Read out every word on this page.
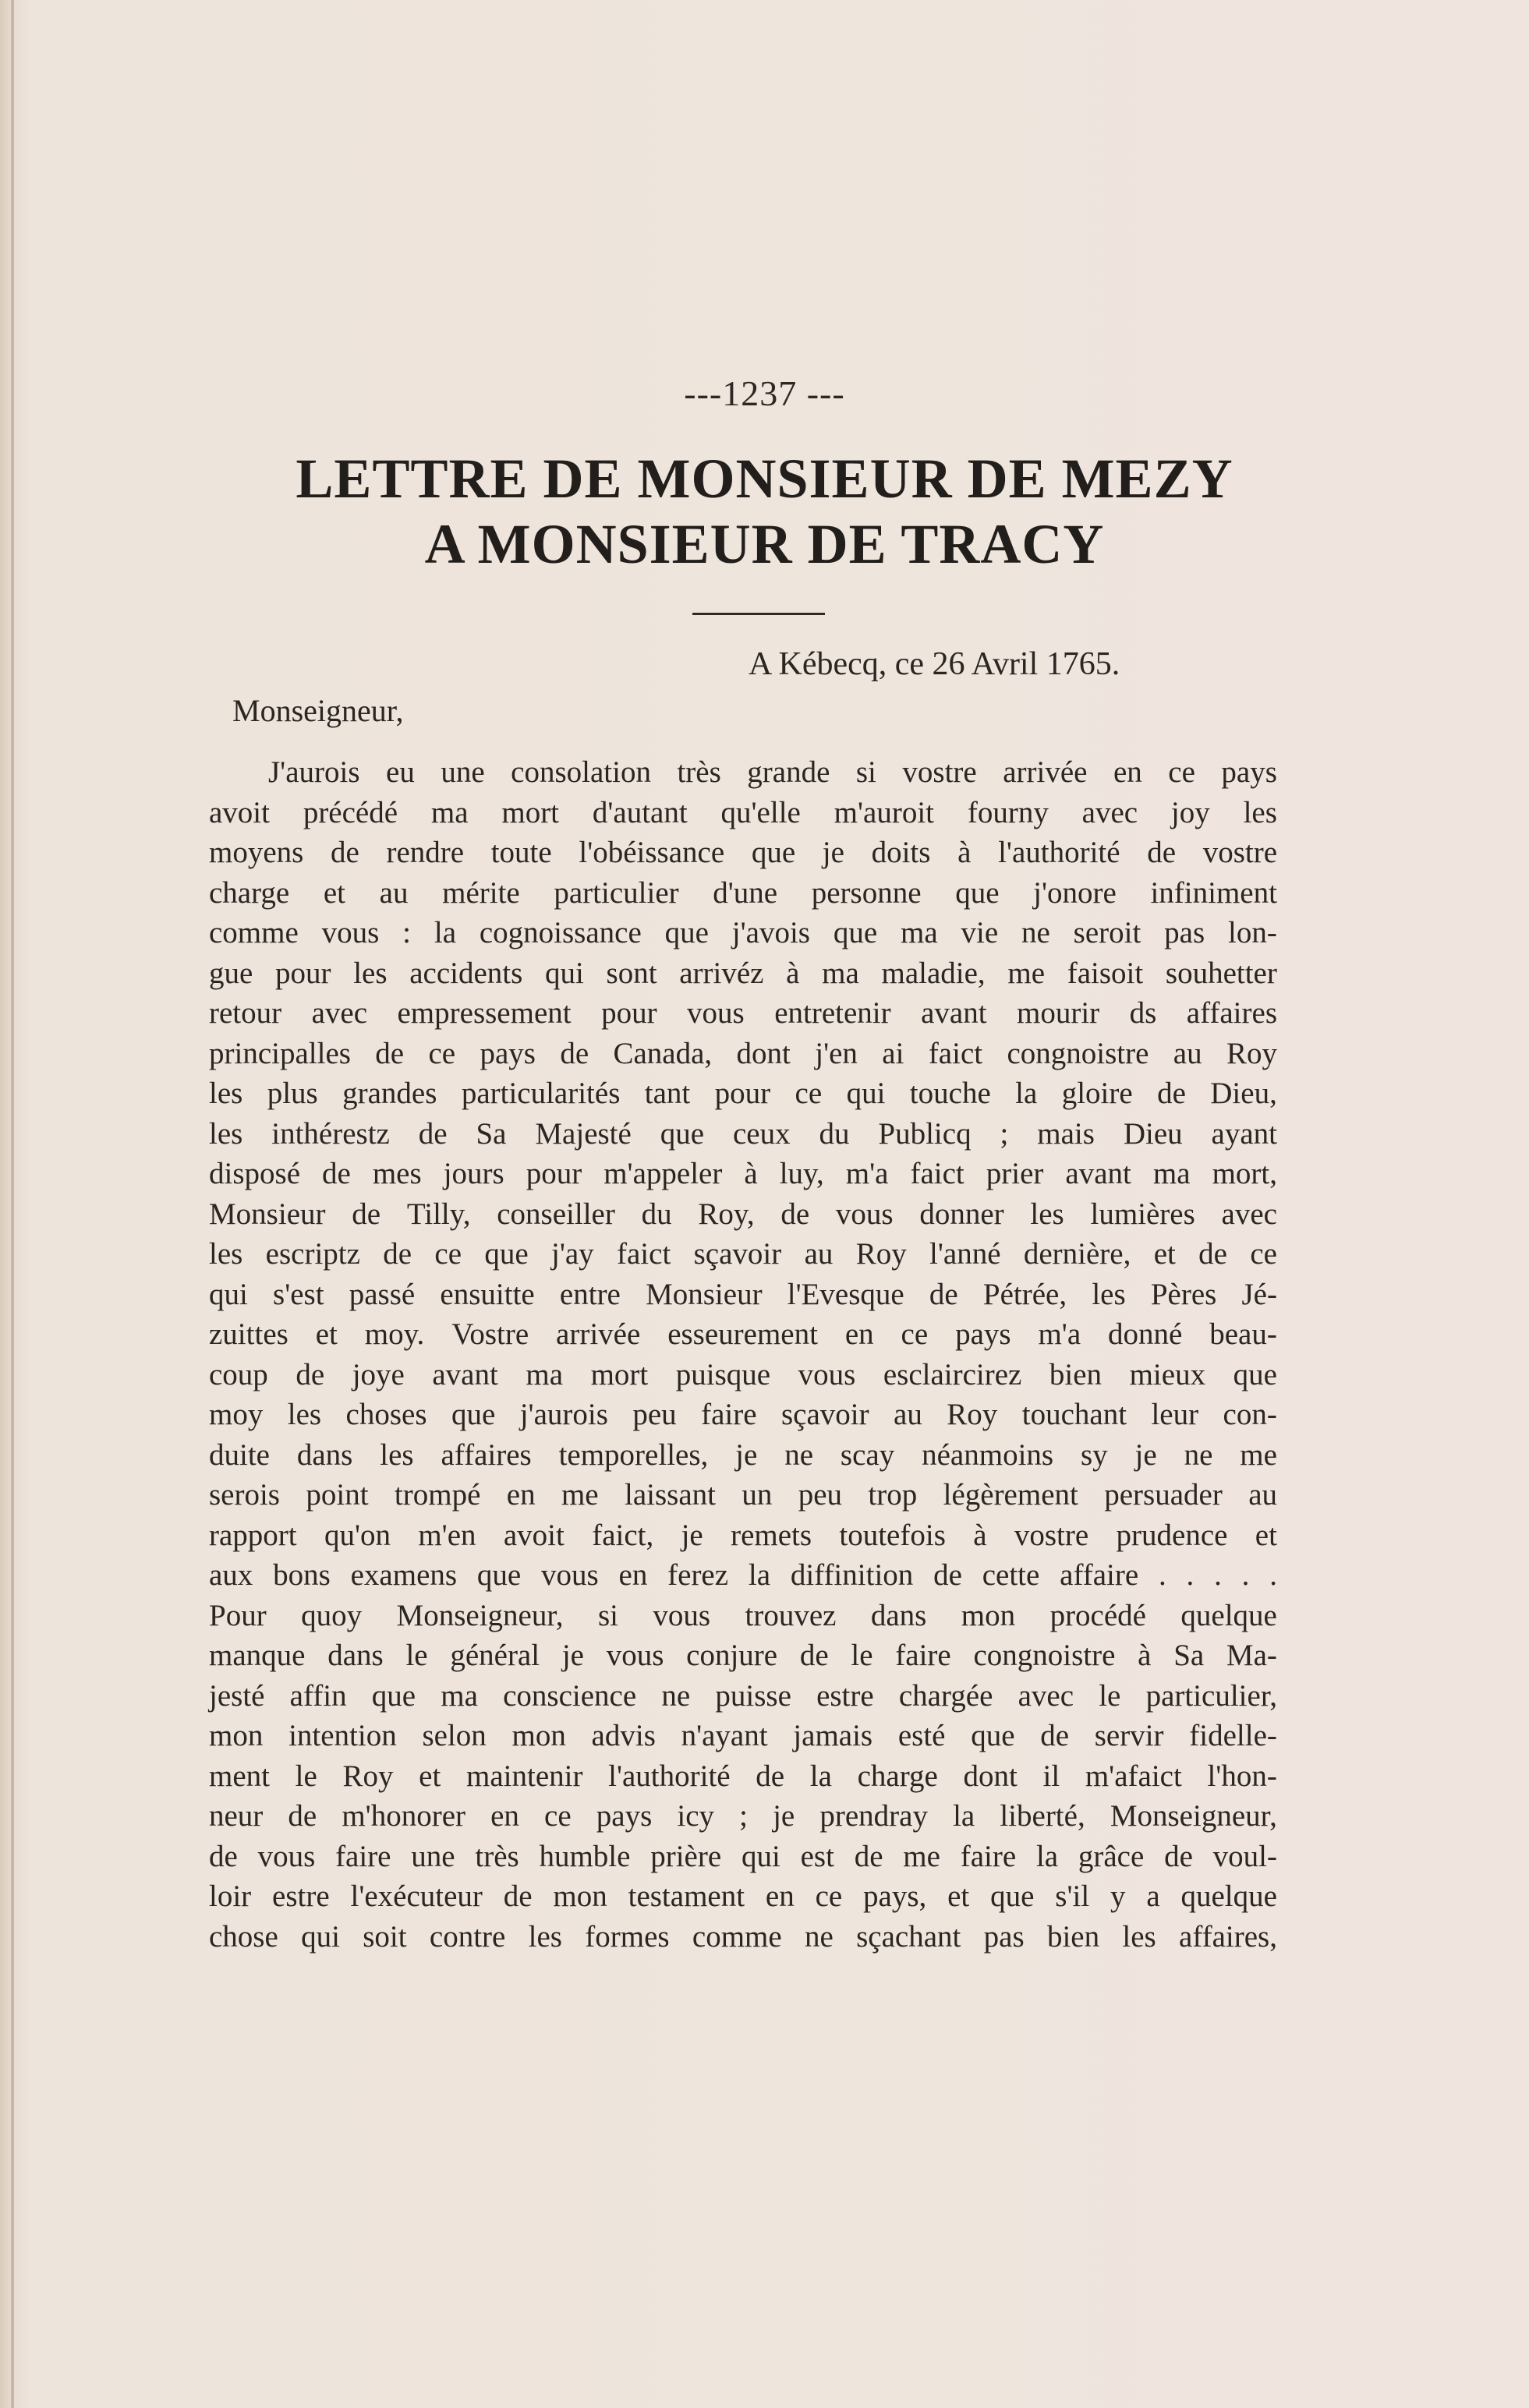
---1237 ---
LETTRE DE MONSIEUR DE MEZY
A MONSIEUR DE TRACY
A Kébecq, ce 26 Avril 1765.
Monseigneur,
J'aurois eu une consolation très grande si vostre arrivée en ce pays
avoit précédé ma mort d'autant qu'elle m'auroit fourny avec joy les
moyens de rendre toute l'obéissance que je doits à l'authorité de vostre
charge et au mérite particulier d'une personne que j'onore infiniment
comme vous : la cognoissance que j'avois que ma vie ne seroit pas lon-
gue pour les accidents qui sont arrivéz à ma maladie, me faisoit souhetter
retour avec empressement pour vous entretenir avant mourir ds affaires
principalles de ce pays de Canada, dont j'en ai faict congnoistre au Roy
les plus grandes particularités tant pour ce qui touche la gloire de Dieu,
les inthérestz de Sa Majesté que ceux du Publicq ; mais Dieu ayant
disposé de mes jours pour m'appeler à luy, m'a faict prier avant ma mort,
Monsieur de Tilly, conseiller du Roy, de vous donner les lumières avec
les escriptz de ce que j'ay faict sçavoir au Roy l'anné dernière, et de ce
qui s'est passé ensuitte entre Monsieur l'Evesque de Pétrée, les Pères Jé-
zuittes et moy. Vostre arrivée esseurement en ce pays m'a donné beau-
coup de joye avant ma mort puisque vous esclaircirez bien mieux que
moy les choses que j'aurois peu faire sçavoir au Roy touchant leur con-
duite dans les affaires temporelles, je ne scay néanmoins sy je ne me
serois point trompé en me laissant un peu trop légèrement persuader au
rapport qu'on m'en avoit faict, je remets toutefois à vostre prudence et
aux bons examens que vous en ferez la diffinition de cette affaire . . . . .
Pour quoy Monseigneur, si vous trouvez dans mon procédé quelque
manque dans le général je vous conjure de le faire congnoistre à Sa Ma-
jesté affin que ma conscience ne puisse estre chargée avec le particulier,
mon intention selon mon advis n'ayant jamais esté que de servir fidelle-
ment le Roy et maintenir l'authorité de la charge dont il m'afaict l'hon-
neur de m'honorer en ce pays icy ; je prendray la liberté, Monseigneur,
de vous faire une très humble prière qui est de me faire la grâce de voul-
loir estre l'exécuteur de mon testament en ce pays, et que s'il y a quelque
chose qui soit contre les formes comme ne sçachant pas bien les affaires,
